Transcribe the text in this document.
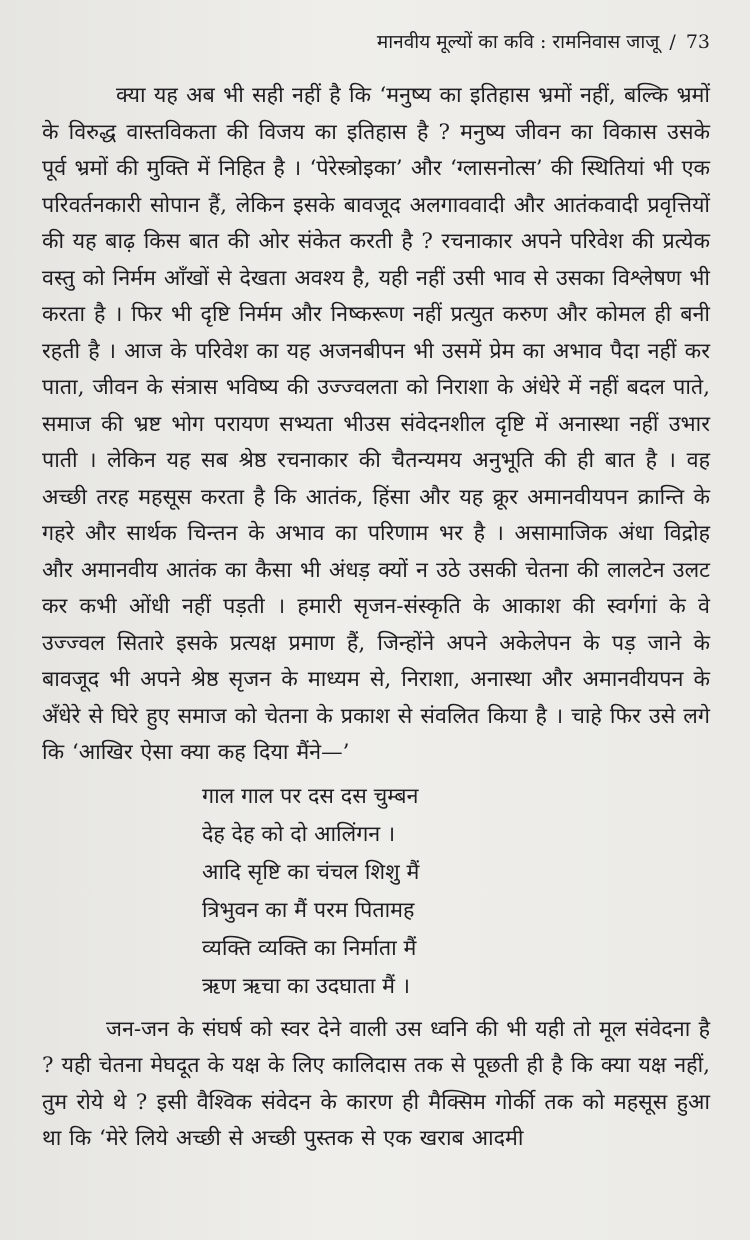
मानवीय मूल्यों का कवि : रामनिवास जाजू / 73

क्या यह अब भी सही नहीं है कि ‘मनुष्य का इतिहास भ्रमों नहीं, बल्कि भ्रमों के विरुद्ध वास्तविकता की विजय का इतिहास है ? मनुष्य जीवन का विकास उसके पूर्व भ्रमों की मुक्ति में निहित है । ‘पेरेस्त्रोइका’ और ‘ग्लासनोत्स’ की स्थितियां भी एक परिवर्तनकारी सोपान हैं, लेकिन इसके बावजूद अलगाववादी और आतंकवादी प्रवृत्तियों की यह बाढ़ किस बात की ओर संकेत करती है ? रचनाकार अपने परिवेश की प्रत्येक वस्तु को निर्मम आँखों से देखता अवश्य है, यही नहीं उसी भाव से उसका विश्लेषण भी करता है । फिर भी दृष्टि निर्मम और निष्करूण नहीं प्रत्युत करुण और कोमल ही बनी रहती है । आज के परिवेश का यह अजनबीपन भी उसमें प्रेम का अभाव पैदा नहीं कर पाता, जीवन के संत्रास भविष्य की उज्ज्वलता को निराशा के अंधेरे में नहीं बदल पाते, समाज की भ्रष्ट भोग परायण सभ्यता भीउस संवेदनशील दृष्टि में अनास्था नहीं उभार पाती । लेकिन यह सब श्रेष्ठ रचनाकार की चैतन्यमय अनुभूति की ही बात है । वह अच्छी तरह महसूस करता है कि आतंक, हिंसा और यह क्रूर अमानवीयपन क्रान्ति के गहरे और सार्थक चिन्तन के अभाव का परिणाम भर है । असामाजिक अंधा विद्रोह और अमानवीय आतंक का कैसा भी अंधड़ क्यों न उठे उसकी चेतना की लालटेन उलट कर कभी ओंधी नहीं पड़ती । हमारी सृजन-संस्कृति के आकाश की स्वर्गगां के वे उज्ज्वल सितारे इसके प्रत्यक्ष प्रमाण हैं, जिन्होंने अपने अकेलेपन के पड़ जाने के बावजूद भी अपने श्रेष्ठ सृजन के माध्यम से, निराशा, अनास्था और अमानवीयपन के अँधेरे से घिरे हुए समाज को चेतना के प्रकाश से संवलित किया है । चाहे फिर उसे लगे कि ‘आखिर ऐसा क्या कह दिया मैंने—’

गाल गाल पर दस दस चुम्बन
देह देह को दो आलिंगन ।
आदि सृष्टि का चंचल शिशु मैं
त्रिभुवन का मैं परम पितामह
व्यक्ति व्यक्ति का निर्माता मैं
ऋण ऋचा का उदघाता मैं ।

जन-जन के संघर्ष को स्वर देने वाली उस ध्वनि की भी यही तो मूल संवेदना है ? यही चेतना मेघदूत के यक्ष के लिए कालिदास तक से पूछती ही है कि क्या यक्ष नहीं, तुम रोये थे ? इसी वैश्विक संवेदन के कारण ही मैक्सिम गोर्की तक को महसूस हुआ था कि ‘मेरे लिये अच्छी से अच्छी पुस्तक से एक खराब आदमी
